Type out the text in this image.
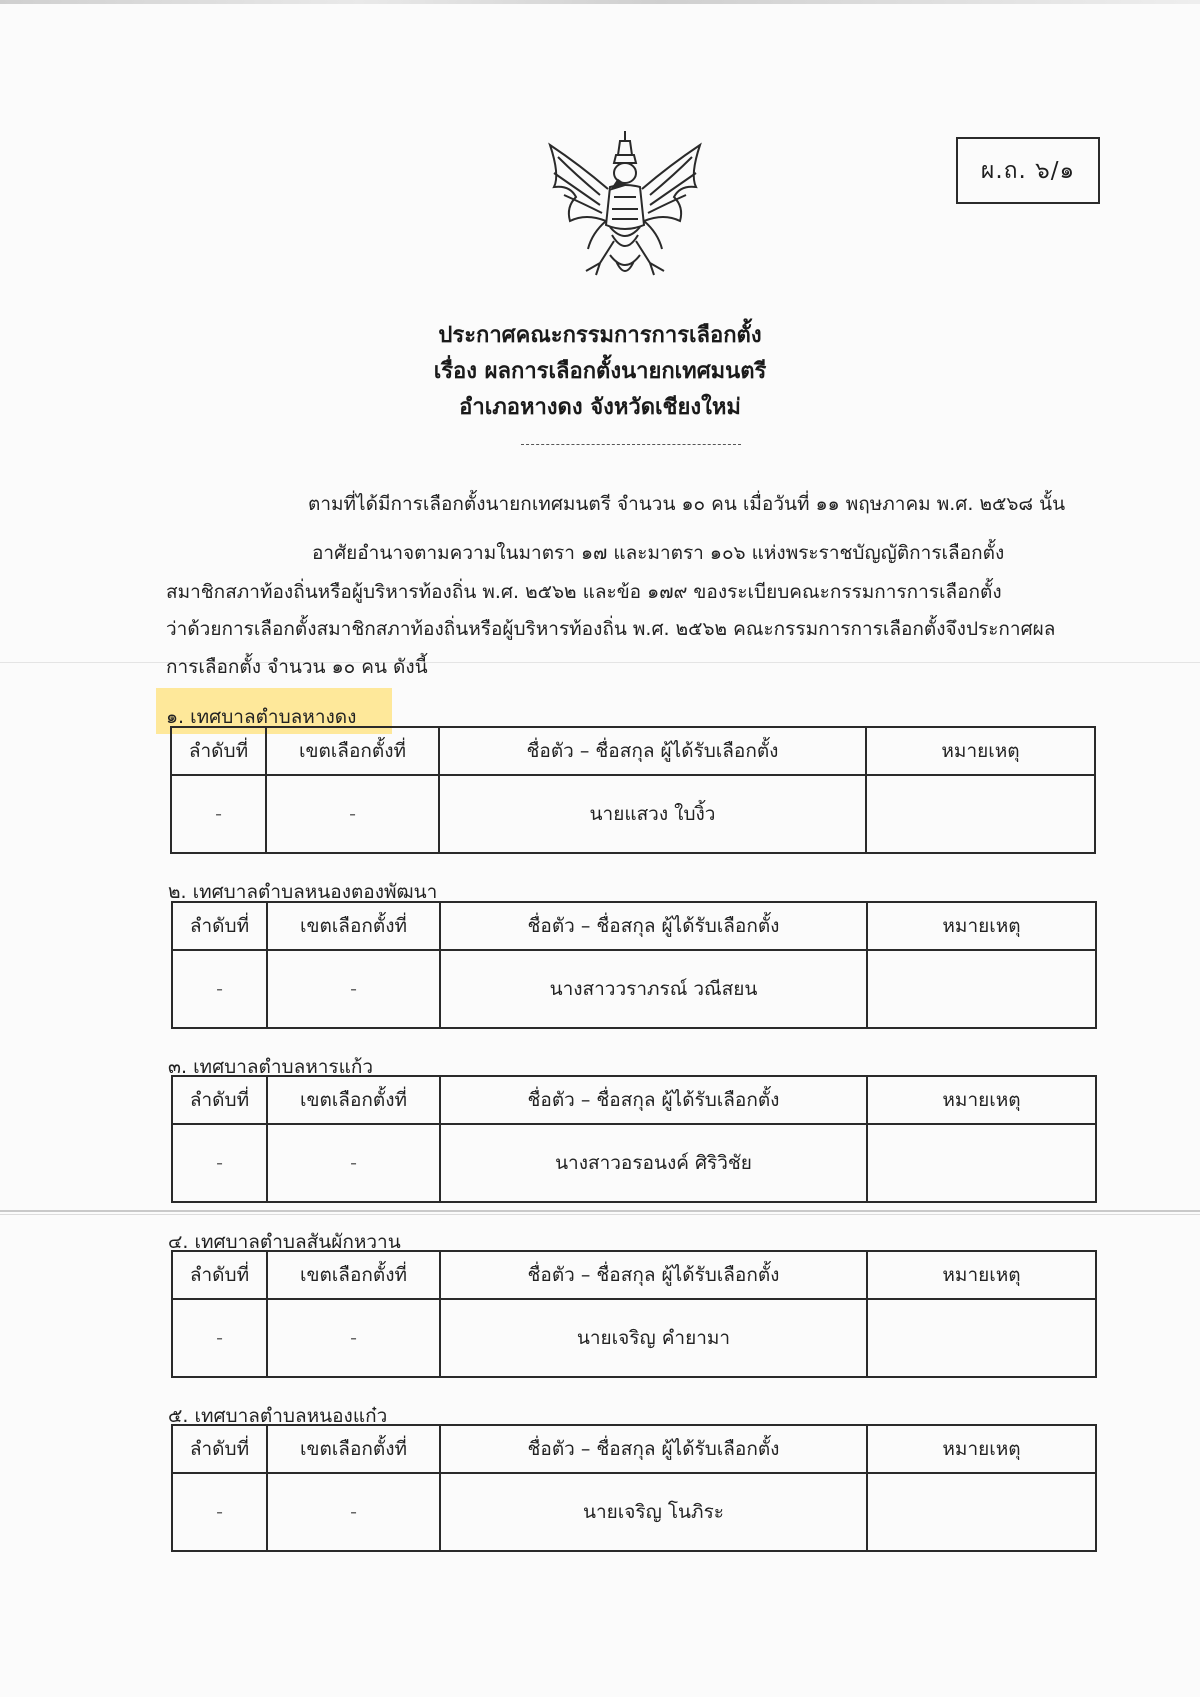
ผ.ถ. ๖/๑
ประกาศคณะกรรมการการเลือกตั้ง
เรื่อง ผลการเลือกตั้งนายกเทศมนตรี
อำเภอหางดง จังหวัดเชียงใหม่
ตามที่ได้มีการเลือกตั้งนายกเทศมนตรี จำนวน ๑๐ คน เมื่อวันที่ ๑๑ พฤษภาคม พ.ศ. ๒๕๖๘ นั้น
อาศัยอำนาจตามความในมาตรา ๑๗ และมาตรา ๑๐๖ แห่งพระราชบัญญัติการเลือกตั้ง
สมาชิกสภาท้องถิ่นหรือผู้บริหารท้องถิ่น พ.ศ. ๒๕๖๒ และข้อ ๑๗๙ ของระเบียบคณะกรรมการการเลือกตั้ง
ว่าด้วยการเลือกตั้งสมาชิกสภาท้องถิ่นหรือผู้บริหารท้องถิ่น พ.ศ. ๒๕๖๒ คณะกรรมการการเลือกตั้งจึงประกาศผล
การเลือกตั้ง จำนวน ๑๐ คน ดังนี้
๑. เทศบาลตำบลหางดง
ลำดับที่	เขตเลือกตั้งที่	ชื่อตัว – ชื่อสกุล ผู้ได้รับเลือกตั้ง	หมายเหตุ
-	-	นายแสวง ใบงิ้ว	
๒. เทศบาลตำบลหนองตองพัฒนา
ลำดับที่	เขตเลือกตั้งที่	ชื่อตัว – ชื่อสกุล ผู้ได้รับเลือกตั้ง	หมายเหตุ
-	-	นางสาววราภรณ์ วณีสยน	
๓. เทศบาลตำบลหารแก้ว
ลำดับที่	เขตเลือกตั้งที่	ชื่อตัว – ชื่อสกุล ผู้ได้รับเลือกตั้ง	หมายเหตุ
-	-	นางสาวอรอนงค์ ศิริวิชัย	
๔. เทศบาลตำบลสันผักหวาน
ลำดับที่	เขตเลือกตั้งที่	ชื่อตัว – ชื่อสกุล ผู้ได้รับเลือกตั้ง	หมายเหตุ
-	-	นายเจริญ คำยามา	
๕. เทศบาลตำบลหนองแก๋ว
ลำดับที่	เขตเลือกตั้งที่	ชื่อตัว – ชื่อสกุล ผู้ได้รับเลือกตั้ง	หมายเหตุ
-	-	นายเจริญ โนภิระ	
